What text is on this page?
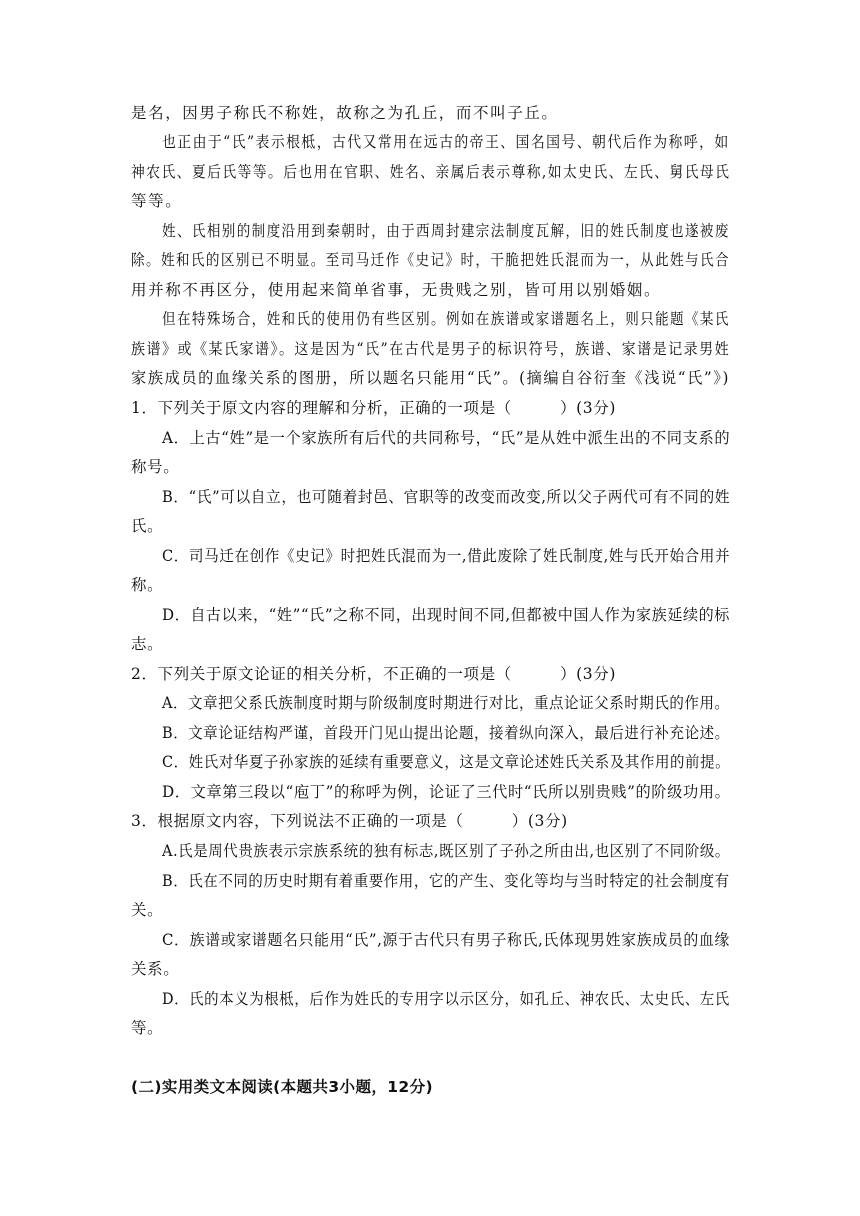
是名，因男子称氏不称姓，故称之为孔丘，而不叫子丘。
也正由于“氏”表示根柢，古代又常用在远古的帝王、国名国号、朝代后作为称呼，如
神农氏、夏后氏等等。后也用在官职、姓名、亲属后表示尊称,如太史氏、左氏、舅氏母氏
等等。
姓、氏相别的制度沿用到秦朝时，由于西周封建宗法制度瓦解，旧的姓氏制度也遂被废
除。姓和氏的区别已不明显。至司马迁作《史记》时，干脆把姓氏混而为一，从此姓与氏合
用并称不再区分，使用起来简单省事，无贵贱之别，皆可用以别婚姻。
但在特殊场合，姓和氏的使用仍有些区别。例如在族谱或家谱题名上，则只能题《某氏
族谱》或《某氏家谱》。这是因为“氏”在古代是男子的标识符号，族谱、家谱是记录男姓
家族成员的血缘关系的图册，所以题名只能用“氏”。(摘编自谷衍奎《浅说“氏”》)
1．下列关于原文内容的理解和分析，正确的一项是（　　　）(3分)
A．上古“姓”是一个家族所有后代的共同称号，“氏”是从姓中派生出的不同支系的
称号。
B．“氏”可以自立，也可随着封邑、官职等的改变而改变,所以父子两代可有不同的姓
氏。
C．司马迁在创作《史记》时把姓氏混而为一,借此废除了姓氏制度,姓与氏开始合用并
称。
D．自古以来，“姓”“氏”之称不同，出现时间不同,但都被中国人作为家族延续的标
志。
2．下列关于原文论证的相关分析，不正确的一项是（　　　）(3分)
A．文章把父系氏族制度时期与阶级制度时期进行对比，重点论证父系时期氏的作用。
B．文章论证结构严谨，首段开门见山提出论题，接着纵向深入，最后进行补充论述。
C．姓氏对华夏子孙家族的延续有重要意义，这是文章论述姓氏关系及其作用的前提。
D．文章第三段以“庖丁”的称呼为例，论证了三代时“氏所以别贵贱”的阶级功用。
3．根据原文内容，下列说法不正确的一项是（　　　）(3分)
A.氏是周代贵族表示宗族系统的独有标志,既区别了子孙之所由出,也区别了不同阶级。
B．氏在不同的历史时期有着重要作用，它的产生、变化等均与当时特定的社会制度有
关。
C．族谱或家谱题名只能用“氏”,源于古代只有男子称氏,氏体现男姓家族成员的血缘
关系。
D．氏的本义为根柢，后作为姓氏的专用字以示区分，如孔丘、神农氏、太史氏、左氏
等。
(二)实用类文本阅读(本题共3小题，12分)
